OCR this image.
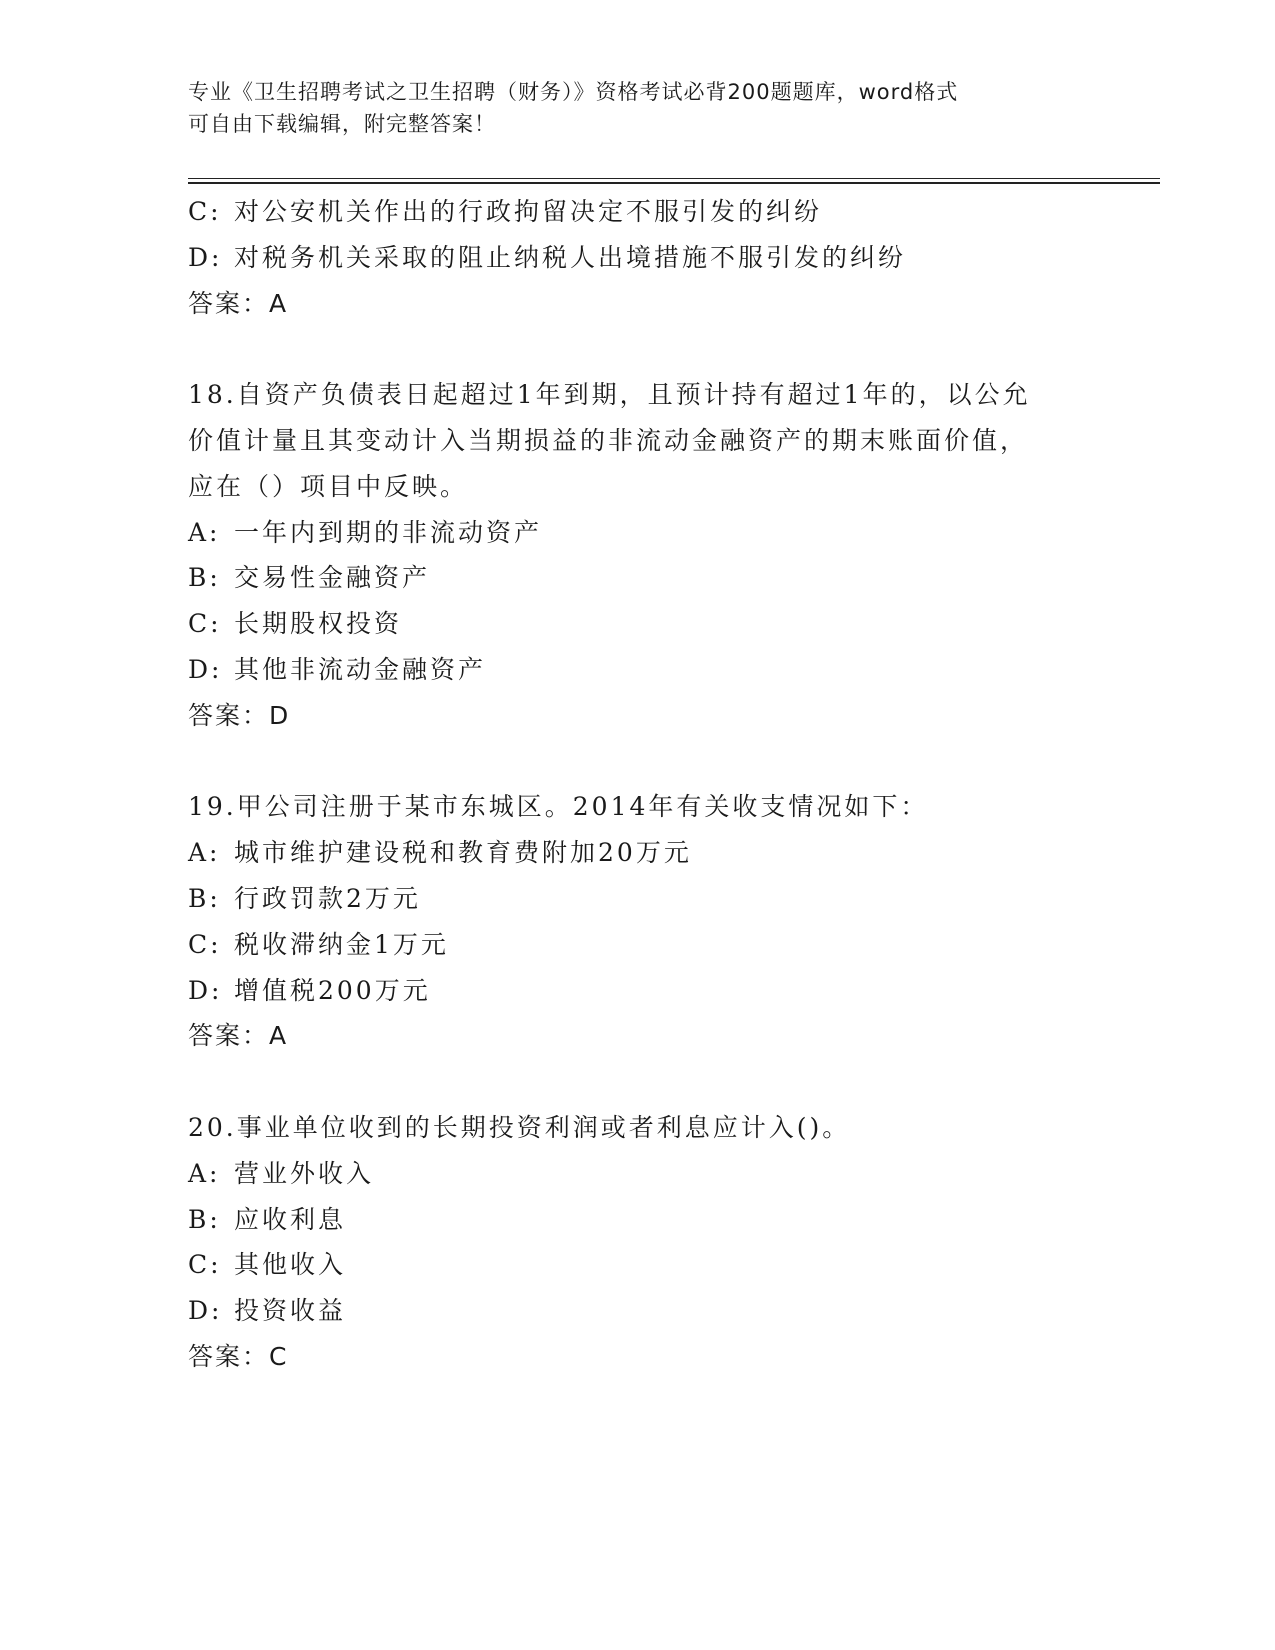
专业《卫生招聘考试之卫生招聘（财务）》资格考试必背200题题库，word格式
可自由下载编辑，附完整答案！
C: 对公安机关作出的行政拘留决定不服引发的纠纷
D: 对税务机关采取的阻止纳税人出境措施不服引发的纠纷
答案：A
18.自资产负债表日起超过1年到期，且预计持有超过1年的，以公允
价值计量且其变动计入当期损益的非流动金融资产的期末账面价值，
应在（）项目中反映。
A: 一年内到期的非流动资产
B: 交易性金融资产
C: 长期股权投资
D: 其他非流动金融资产
答案：D
19.甲公司注册于某市东城区。2014年有关收支情况如下：
A: 城市维护建设税和教育费附加20万元
B: 行政罚款2万元
C: 税收滞纳金1万元
D: 增值税200万元
答案：A
20.事业单位收到的长期投资利润或者利息应计入()。
A: 营业外收入
B: 应收利息
C: 其他收入
D: 投资收益
答案：C
